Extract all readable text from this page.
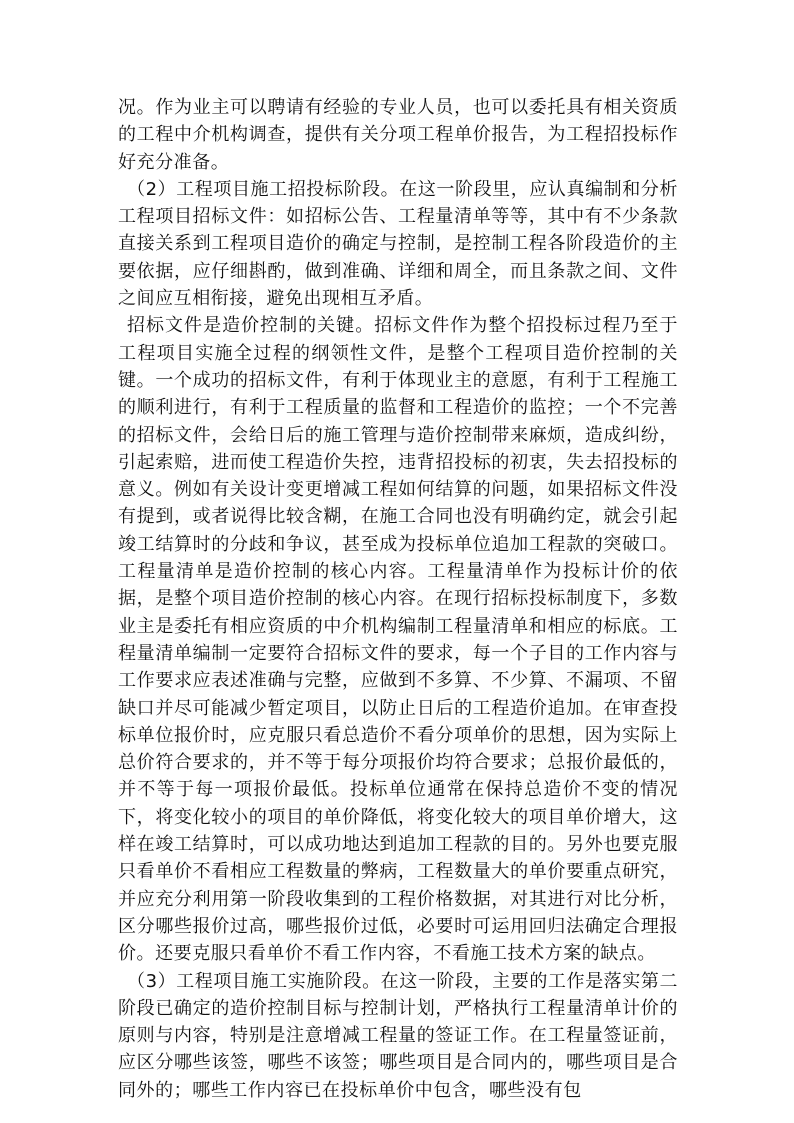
况。作为业主可以聘请有经验的专业人员，也可以委托具有相关资质的工程中介机构调查，提供有关分项工程单价报告，为工程招投标作好充分准备。

（2）工程项目施工招投标阶段。在这一阶段里，应认真编制和分析工程项目招标文件：如招标公告、工程量清单等等，其中有不少条款直接关系到工程项目造价的确定与控制，是控制工程各阶段造价的主要依据，应仔细斟酌，做到准确、详细和周全，而且条款之间、文件之间应互相衔接，避免出现相互矛盾。

招标文件是造价控制的关键。招标文件作为整个招投标过程乃至于工程项目实施全过程的纲领性文件，是整个工程项目造价控制的关键。一个成功的招标文件，有利于体现业主的意愿，有利于工程施工的顺利进行，有利于工程质量的监督和工程造价的监控；一个不完善的招标文件，会给日后的施工管理与造价控制带来麻烦，造成纠纷，引起索赔，进而使工程造价失控，违背招投标的初衷，失去招投标的意义。例如有关设计变更增减工程如何结算的问题，如果招标文件没有提到，或者说得比较含糊，在施工合同也没有明确约定，就会引起竣工结算时的分歧和争议，甚至成为投标单位追加工程款的突破口。工程量清单是造价控制的核心内容。工程量清单作为投标计价的依据，是整个项目造价控制的核心内容。在现行招标投标制度下，多数业主是委托有相应资质的中介机构编制工程量清单和相应的标底。工程量清单编制一定要符合招标文件的要求，每一个子目的工作内容与工作要求应表述准确与完整，应做到不多算、不少算、不漏项、不留缺口并尽可能减少暂定项目，以防止日后的工程造价追加。在审查投标单位报价时，应克服只看总造价不看分项单价的思想，因为实际上总价符合要求的，并不等于每分项报价均符合要求；总报价最低的，并不等于每一项报价最低。投标单位通常在保持总造价不变的情况下，将变化较小的项目的单价降低，将变化较大的项目单价增大，这样在竣工结算时，可以成功地达到追加工程款的目的。另外也要克服只看单价不看相应工程数量的弊病，工程数量大的单价要重点研究，并应充分利用第一阶段收集到的工程价格数据，对其进行对比分析，区分哪些报价过高，哪些报价过低，必要时可运用回归法确定合理报价。还要克服只看单价不看工作内容，不看施工技术方案的缺点。

（3）工程项目施工实施阶段。在这一阶段，主要的工作是落实第二阶段已确定的造价控制目标与控制计划，严格执行工程量清单计价的原则与内容，特别是注意增减工程量的签证工作。在工程量签证前，应区分哪些该签，哪些不该签；哪些项目是合同内的，哪些项目是合同外的；哪些工作内容已在投标单价中包含，哪些没有包
